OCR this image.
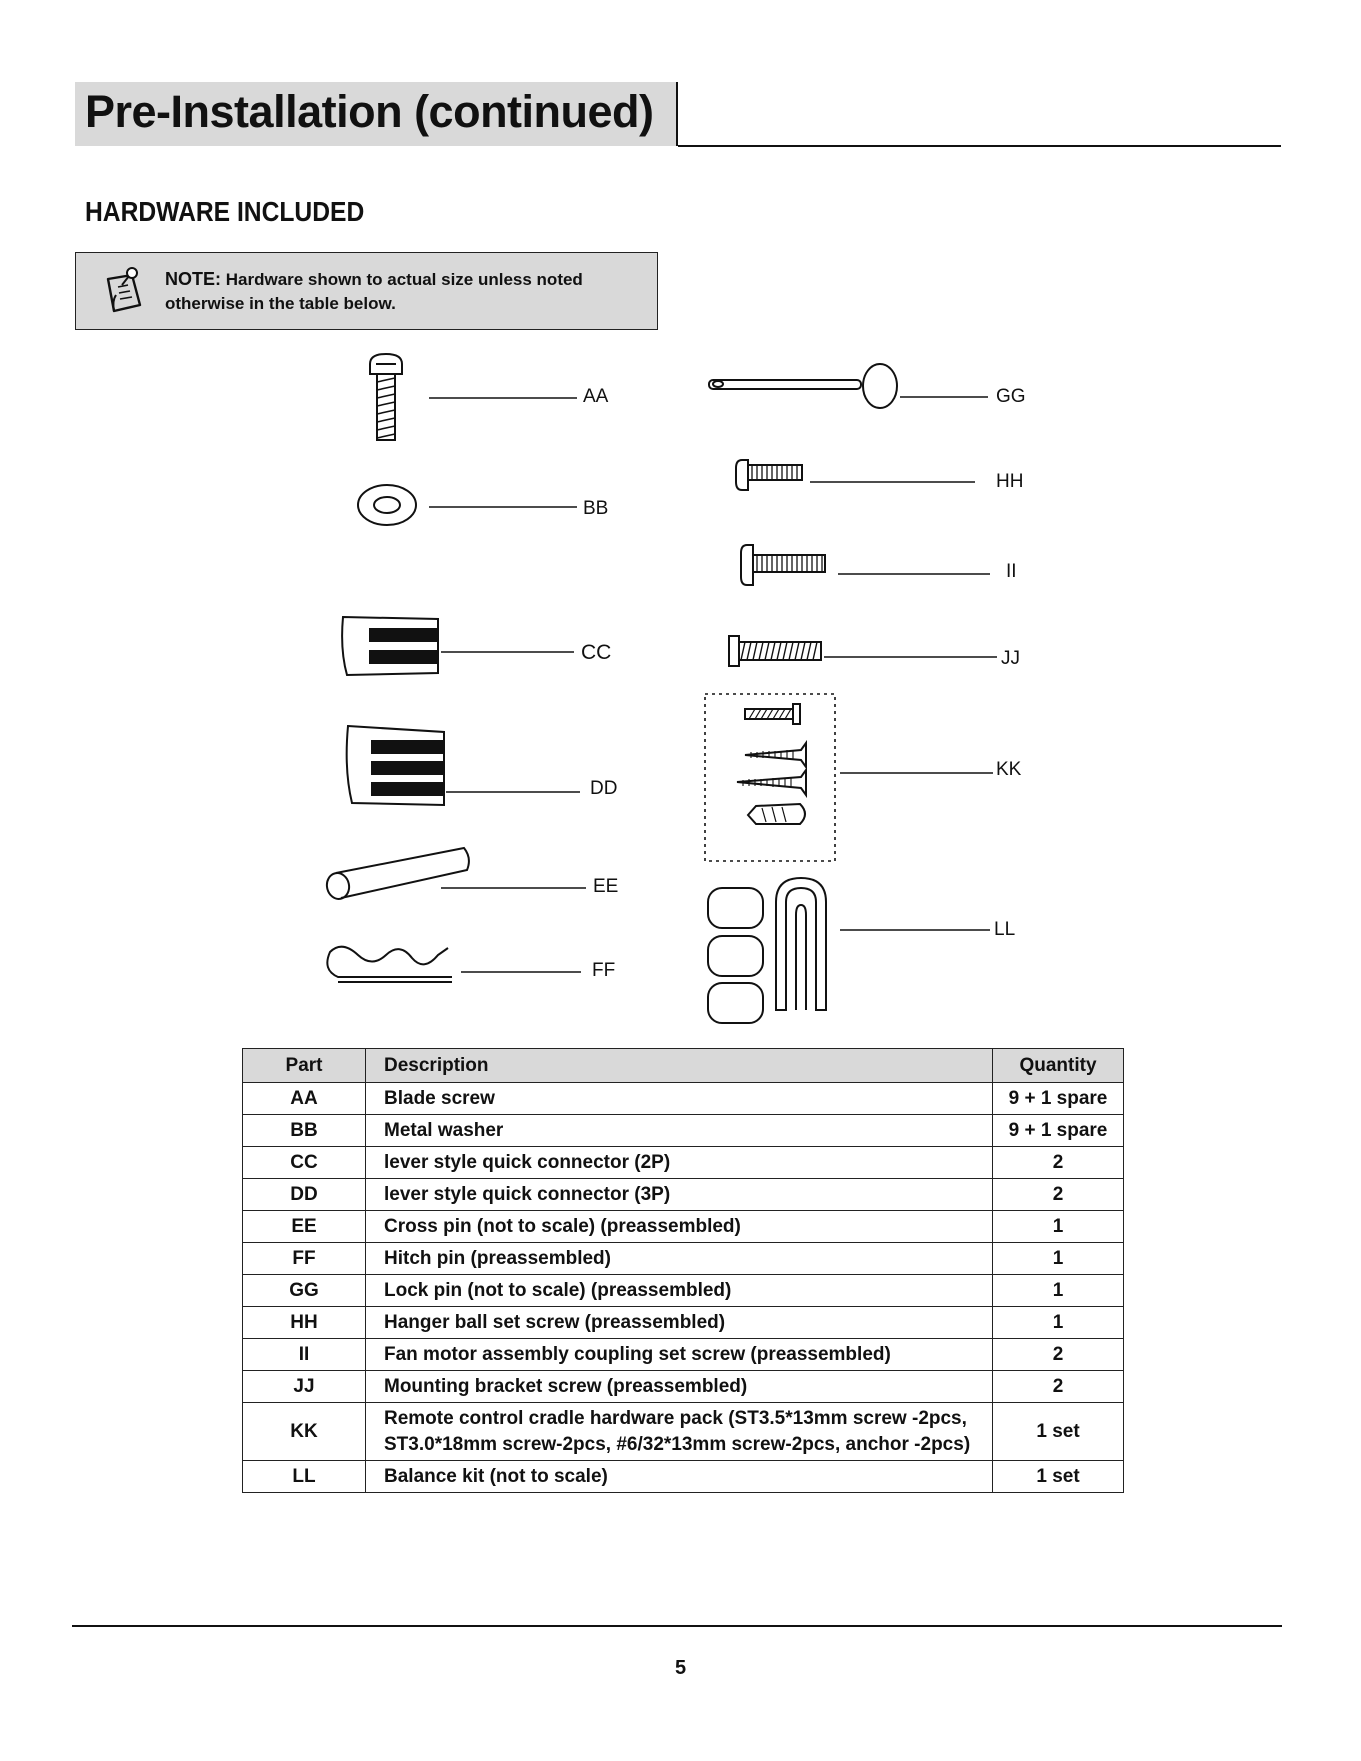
Pre-Installation (continued)
HARDWARE INCLUDED
NOTE: Hardware shown to actual size unless noted otherwise in the table below.
AA
BB
CC
DD
EE
FF
GG
HH
II
JJ
KK
LL
Part	Description	Quantity
AA	Blade screw	9 + 1 spare
BB	Metal washer	9 + 1 spare
CC	lever style quick connector (2P)	2
DD	lever style quick connector (3P)	2
EE	Cross pin (not to scale) (preassembled)	1
FF	Hitch pin (preassembled)	1
GG	Lock pin (not to scale) (preassembled)	1
HH	Hanger ball set screw (preassembled)	1
II	Fan motor assembly coupling set screw (preassembled)	2
JJ	Mounting bracket screw (preassembled)	2
KK	Remote control cradle hardware pack (ST3.5*13mm screw -2pcs,
ST3.0*18mm screw-2pcs, #6/32*13mm screw-2pcs, anchor -2pcs)	1 set
LL	Balance kit (not to scale)	1 set
5
